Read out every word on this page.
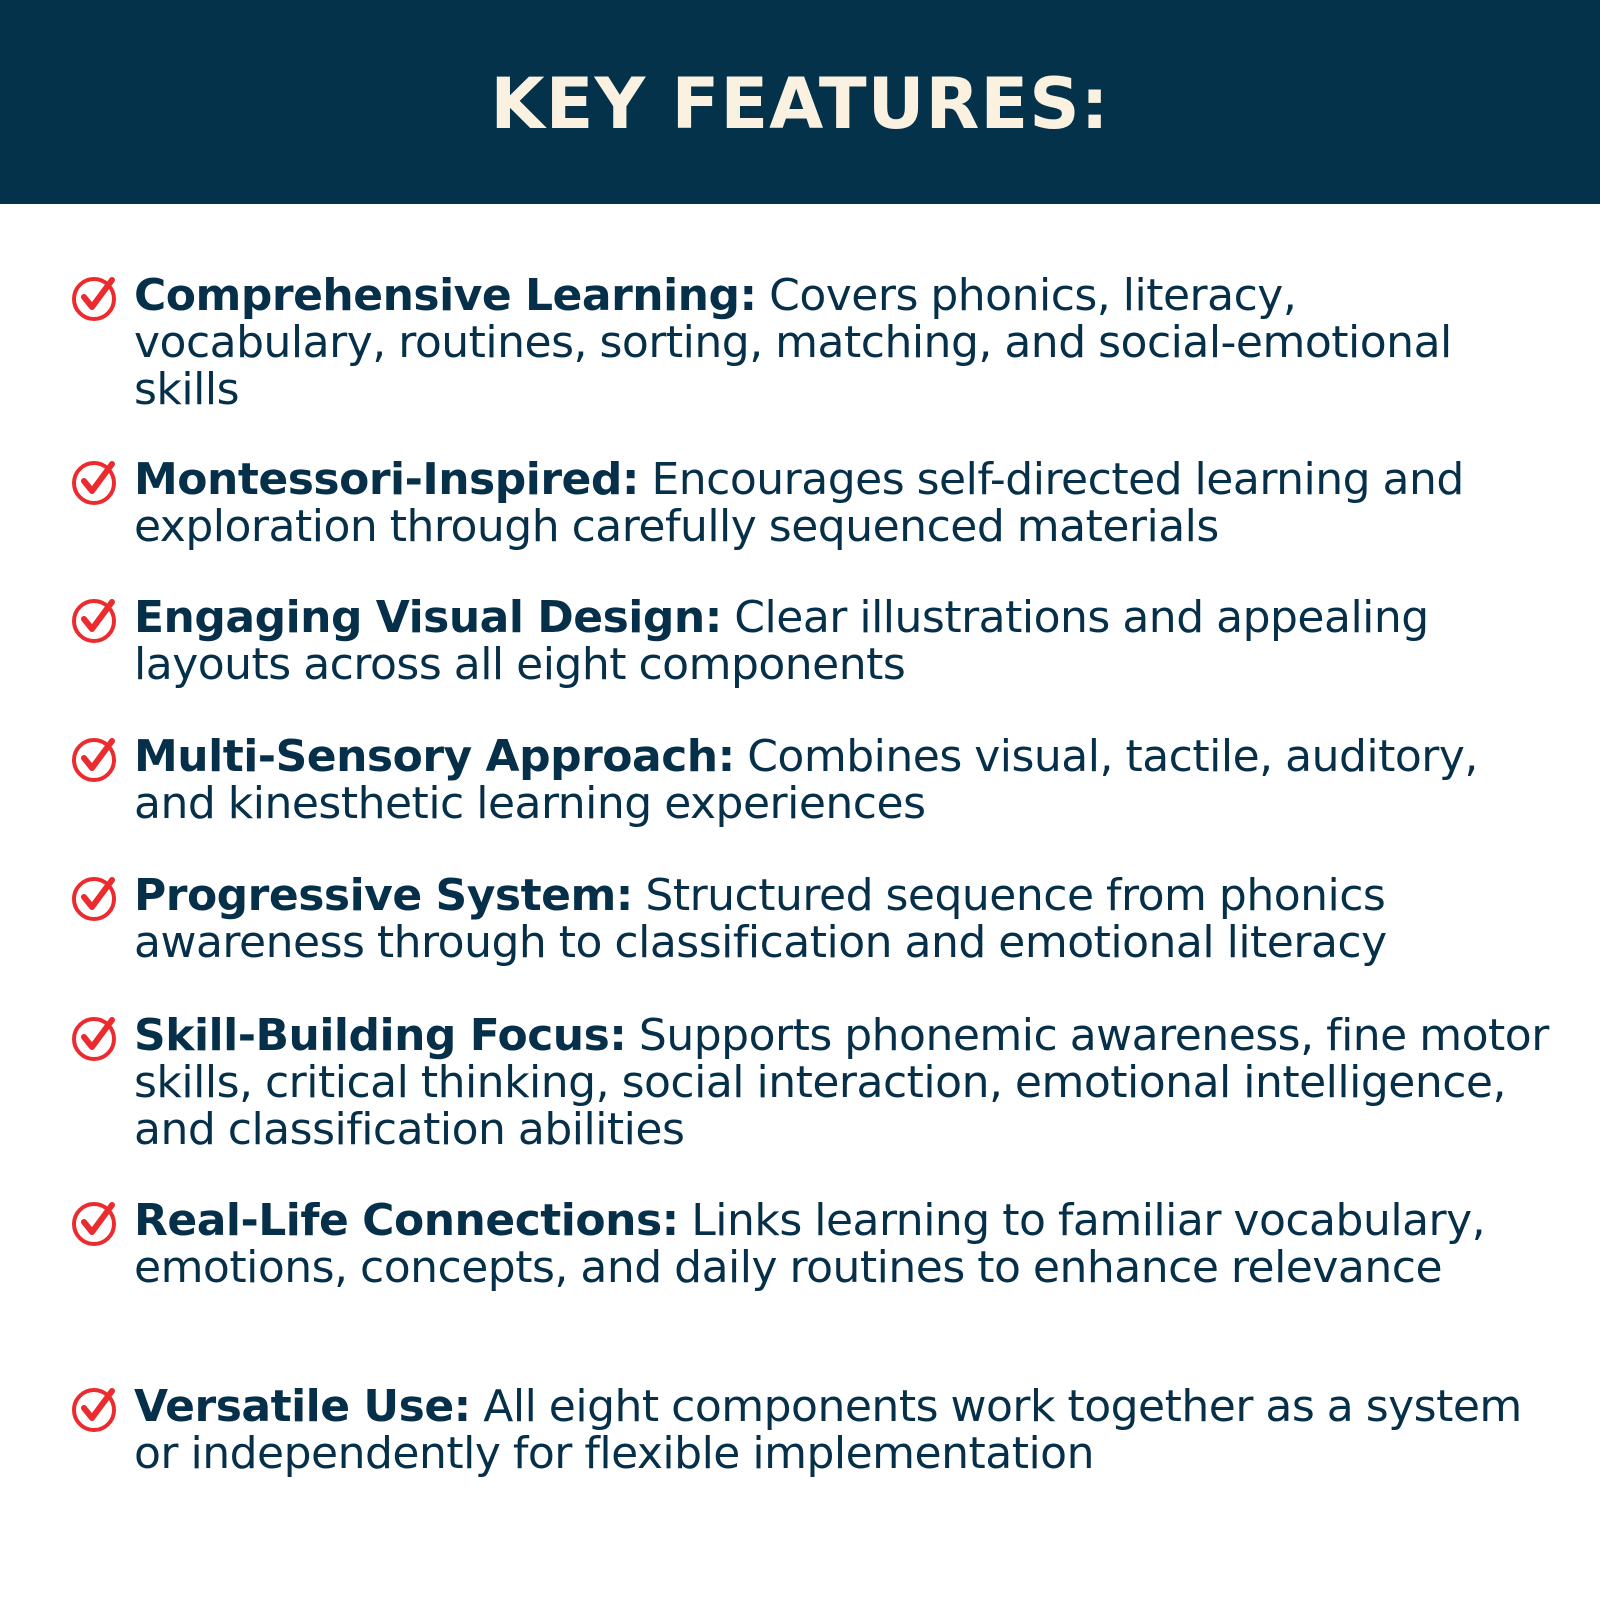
KEY FEATURES:

Comprehensive Learning: Covers phonics, literacy, vocabulary, routines, sorting, matching, and social-emotional skills

Montessori-Inspired: Encourages self-directed learning and exploration through carefully sequenced materials

Engaging Visual Design: Clear illustrations and appealing layouts across all eight components

Multi-Sensory Approach: Combines visual, tactile, auditory, and kinesthetic learning experiences

Progressive System: Structured sequence from phonics awareness through to classification and emotional literacy

Skill-Building Focus: Supports phonemic awareness, fine motor skills, critical thinking, social interaction, emotional intelligence, and classification abilities

Real-Life Connections: Links learning to familiar vocabulary, emotions, concepts, and daily routines to enhance relevance

Versatile Use: All eight components work together as a system or independently for flexible implementation
